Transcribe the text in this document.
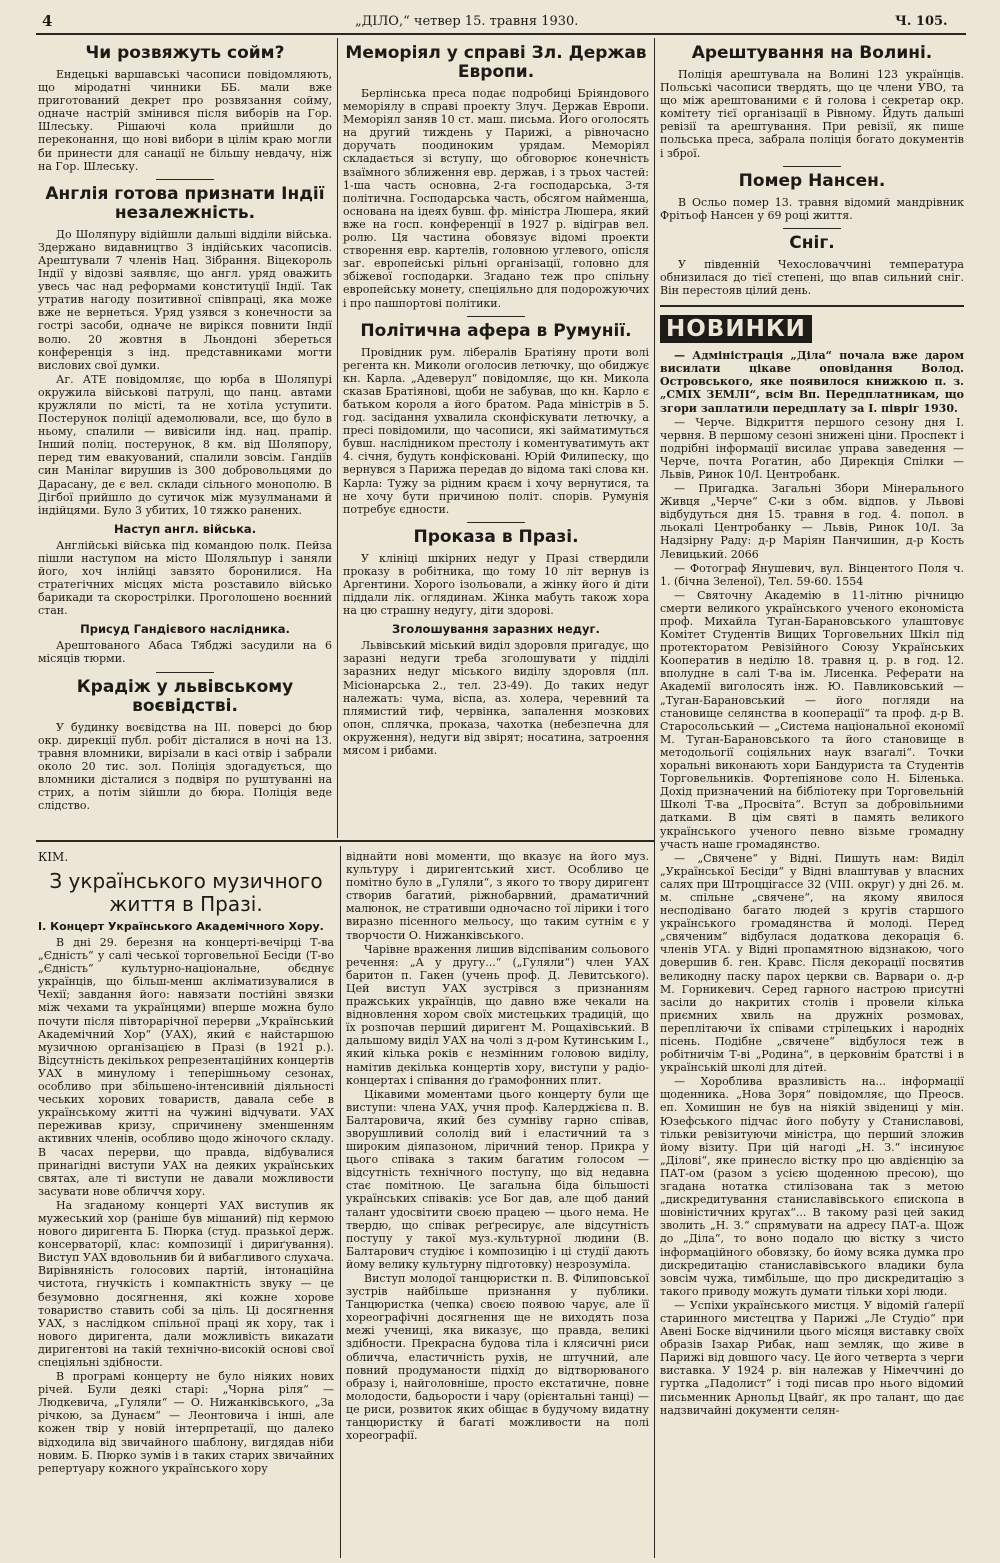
4	„ДІЛО,“ четвер 15. травня 1930.	Ч. 105.
Чи розвяжуть сойм?

Ендецькі варшавські часописи повідомляють, що міродатні чинники ББ. мали вже приготований декрет про розвязання сойму, одначе настрій змінився після виборів на Гор. Шлеську. Рішаючі кола прийшли до переконання, що нові вибори в цілім краю могли би принести для санації не більшу невдачу, ніж на Гор. Шлеську.

Англія готова признати Індії незалежність.

До Шоляпуру відійшли дальші відділи війська. Здержано видавництво 3 індійських часописів. Арештували 7 членів Нац. Зібрання. Віцекороль Індії у відозві заявляє, що англ. уряд оважить увесь час над реформами конституції Індії. Так утратив нагоду позитивної співпраці, яка може вже не вернеться. Уряд узявся з конечности за гострі засоби, одначе не вирікся повнити Індії волю. 20 жовтня в Льондоні збереться конференція з інд. представниками могти вислових свої думки.

Аг. АТЕ повідомляє, що юрба в Шоляпурі окружила військові патрулі, що панц. автами кружляли по місті, та не хотіла уступити. Постерунок поліції адемолювали, все, що було в ньому, спалили — вивісили інд. нац. прапір. Інший поліц. постерунок, 8 км. від Шоляпору, перед тим евакуований, спалили зовсім. Гандіїв син Манілаг вирушив із 300 добровольцями до Дарасану, де є вел. склади сільного монополю. В Дігбої прийшло до сутичок між музулманами й індійцями. Було 3 убитих, 10 тяжко ранених.

Наступ англ. війська.

Англійські війська під командою полк. Пейза пішли наступом на місто Шоляльпур і заняли його, хоч інлійці завзято боронилися. На стратегічних місцях міста розставило військо барикади та скорострілки. Проголошено воєнний стан.

Присуд Гандієвого наслідника.

Арештованого Абаса Тябджі засудили на 6 місяців тюрми.

Крадіж у львівському воєвідстві.

У будинку воєвідства на ІІІ. поверсі до бюр окр. дирекції публ. робіт дісталися в ночі на 13. травня вломники, вирізали в касі отвір і забрали около 20 тис. зол. Поліція здогадується, що вломники дісталися з подвіря по руштуванні на стрих, а потім зійшли до бюра. Поліція веде слідство.

Меморіял у справі Зл. Держав Европи.

Берлінська преса подає подробиці Бріяндового меморіялу в справі проекту Злуч. Держав Европи. Меморіял заняв 10 ст. маш. письма. Його оголосять на другий тиждень у Парижі, а рівночасно доручать поодиноким урядам. Меморіял складається зі вступу, що обговорює конечність взаїмного зближення евр. держав, і з трьох частей: 1-ша часть основна, 2-га господарська, 3-тя політична. Господарська часть, обсягом найменша, основана на ідеях бувш. фр. міністра Люшера, який вже на госп. конференції в 1927 р. відіграв вел. ролю. Ця частина обовязує відомі проекти створення евр. картелів, головною углевого, опісля заг. европейські рільні організації, головно для збіжевої господарки. Згадано теж про спільну европейську монету, спеціяльно для подорожуючих і про пашпортові політики.

Політична афера в Румунії.

Провідник рум. лібералів Братіяну проти волі регента кн. Миколи оголосив летючку, що обиджує кн. Карла. „Адеверул“ повідомляє, що кн. Микола сказав Братіянові, щоби не забував, що кн. Карло є батьком короля а його братом. Рада міністрів в 5. год. засідання ухвалила сконфіскувати летючку, а пресі повідомили, що часописи, які займатимуться бувш. наслідником престолу і коментуватимуть акт 4. січня, будуть конфісковані. Юрій Филипеску, що вернувся з Парижа передав до відома такі слова кн. Карла: Тужу за рідним краєм і хочу вернутися, та не хочу бути причиною політ. спорів. Румунія потребує єдности.

Проказа в Празі.

У клініці шкірних недуг у Празі ствердили проказу в робітника, що тому 10 літ вернув із Аргентини. Хорого ізольовали, а жінку його й діти піддали лік. оглядинам. Жінка мабуть також хора на цю страшну недугу, діти здорові.

Зголошування заразних недуг.

Львівський міський виділ здоровля пригадує, що заразні недуги треба зголошувати у підділі заразних недуг міського виділу здоровля (пл. Місіонарська 2., тел. 23-49). До таких недуг належать: чума, віспа, аз. холера, черевний та плямистий тиф, червінка, запалення мозкових опон, сплячка, проказа, чахотка (небезпечна для окруження), недуги від звірят; носатина, затроення мясом і рибами.

Арештування на Волині.

Поліція арештувала на Волині 123 українців. Польські часописи твердять, що це члени УВО, та що між арештованими є й голова і секретар окр. комітету тієї організації в Рівному. Йдуть дальші ревізії та арештування. При ревізії, як пише польська преса, забрала поліція богато документів і зброї.

Помер Нансен.

В Осльо помер 13. травня відомий мандрівник Фрітьоф Нансен у 69 році життя.

Сніг.

У південній Чехословаччині температура обнизилася до тієї степені, що впав сильний сніг. Він перестояв цілий день.

НОВИНКИ

— Адміністрація „Діла“ почала вже даром висилати цікаве оповідання Волод. Островського, яке появилося книжкою п. з. „СМІХ ЗЕМЛІ“, всім Вп. Передплатникам, що згори заплатили передплату за І. півріг 1930.

— Черче. Відкриття першого сезону дня І. червня. В першому сезоні знижені ціни. Проспект і подрібні інформації висилає управа заведення — Черче, почта Рогатин, або Дирекція Спілки — Львів, Ринок 10/І. Центробанк.

— Пригадка. Загальні Збори Мінерального Живця „Черче“ С-ки з обм. відпов. у Львові відбудуться дня 15. травня в год. 4. попол. в льокалі Центробанку — Львів, Ринок 10/І. За Надзірну Раду: д-р Маріян Панчишин, д-р Кость Левицький. 2066

— Фотограф Янушевич, вул. Вінцентого Поля ч. 1. (бічна Зеленої), Тел. 59-60. 1554

— Святочну Академію в 11-літню річницю смерти великого українського ученого економіста проф. Михайла Туган-Барановського улаштовує Комітет Студентів Вищих Торговельних Шкіл під протекторатом Ревізійного Союзу Українських Кооператив в неділю 18. травня ц. р. в год. 12. вполудне в салі Т-ва ім. Лисенка. Реферати на Академії виголосять інж. Ю. Павликовський — „Туган-Барановський — його погляди на становище селянства в кооперації“ та проф. д-р В. Старосольський — „Система національної економії М. Туган-Барановського та його становище в методольогії соціяльних наук взагалі“. Точки хоральні виконають хори Бандуриста та Студентів Торговельників. Фортепіянове соло Н. Біленька. Дохід призначений на бібліотеку при Торговельній Школі Т-ва „Просвіта“. Вступ за добровільними датками. В цім святі в память великого українського ученого певно візьме громадну участь наше громадянство.

— „Свячене“ у Відні. Пишуть нам: Виділ „Української Бесіди“ у Відні влаштував у власних салях при Штроццігассе 32 (VIII. округ) у дні 26. м. м. спільне „свячене“, на якому явилося несподівано багато людей з кругів старшого українського громадянства й молоді. Перед „свяченим“ відбулася додаткова декорація 6. членів УГА. у Відні пропамятною відзнакою, чого довершив б. ген. Кравс. Після декорації посвятив великодну паску парох церкви св. Варвари о. д-р М. Горникевич. Серед гарного настрою присутні засіли до накритих столів і провели кілька приємних хвиль на дружніх розмовах, переплітаючи їх співами стрілецьких і народніх пісень. Подібне „свячене“ відбулося теж в робітничім Т-ві „Родина“, в церковнім братстві і в українській школі для дітей.

— Хороблива вразливість на... інформації щоденника. „Нова Зоря“ повідомляє, що Преосв. еп. Хомишин не був на ніякій звідениці у мін. Юзефського підчас його побуту у Станиславові, тільки ревізитуючи міністра, що перший зложив йому візиту. При цій нагоді „Н. З.“ інсинуює „Ділові“, яке принесло вістку про цю авдієнцію за ПАТ-ом (разом з усією щоденною пресою), що згадана нотатка стилізована так з метою „дискредитування станиславівського єпископа в шовіністичних кругах“... В такому разі цей закид зволить „Н. З.“ спрямувати на адресу ПАТ-а. Щож до „Діла“, то воно подало цю вістку з чисто інформаційного обовязку, бо йому всяка думка про дискредитацію станиславівського владики була зовсім чужа, тимбільше, що про дискредитацію з такого приводу можуть думати тільки хорі люди.

— Успіхи українського мистця. У відомій ґалерії старинного мистецтва у Парижі „Ле Студіо“ при Авені Боске відчинили цього місяця виставку своїх образів Ізахар Рибак, наш земляк, що живе в Парижі від довшого часу. Це його четверта з черги виставка. У 1924 р. він належав у Німеччині до гуртка „Падолист“ і тоді писав про нього відомий письменник Арнольд Цвайґ, як про талант, що дає надзвичайні документи селян-

КІМ.
З українського музичного життя в Празі.
І. Концерт Українського Академічного Хору.

В дні 29. березня на концерті-вечірці Т-ва „Єдність“ у салі чеської торговельної Бесіди (Т-во „Єдність“ культурно-національне, обєднує українців, що більш-менш акліматизувалися в Чехії; завдання його: навязати постійні звязки між чехами та українцями) вперше можна було почути після півторарічної перерви „Український Академічний Хор“ (УАХ), який є найстаршою музичною організацією в Празі (в 1921 р.). Відсутність декількох репрезентаційних концертів УАХ в минулому і теперішньому сезонах, особливо при збільшено-інтенсивній діяльності чеських хорових товариств, давала себе в українському житті на чужині відчувати. УАХ переживав кризу, спричинену зменшенням активних членів, особливо щодо жіночого складу. В часах перерви, що правда, відбувалися принагідні виступи УАХ на деяких українських святах, але ті виступи не давали можливости засувати нове обличчя хору.

На згаданому концерті УАХ виступив як мужеський хор (раніше був мішаний) під кермою нового диригента Б. Пюрка (студ. празької держ. консерваторії, клас: композиції і дириґування). Виступ УАХ вдовольнив би й вибагливого слухача. Вирівняність голосових партій, інтонаційна чистота, гнучкість і компактність звуку — це безумовно досягнення, які кожне хорове товариство ставить собі за ціль. Ці досягнення УАХ, з наслідком спільної праці як хору, так і нового диригента, дали можливість викazати диригентові на такій технічно-високій основі свої спеціяльні здібности.

В програмі концерту не було ніяких нових річей. Були деякі старі: „Чорна ріля“ — Людкевича, „Гуляли“ — О. Нижанківського, „За річкою, за Дунаєм“ — Леонтовича і інші, але кожен твір у новій інтерпретації, що далеко відходила від звичайного шаблону, вигдядав ніби новим. Б. Пюрко зумів і в таких старих звичайних репертуару кожного українського хору

віднайти нові моменти, що вказує на його муз. культуру і диригентський хист. Особливо це помітно було в „Гуляли“, з якого то твору диригент створив багатий, ріжнобарвний, драматичний малюнок, не стративши одночасно тої лірики і того виразно пісенного мельосу, що таким сутнім є у творчости О. Нижанківського.

Чарівне враження лишив відспіваним сольового речення: „А у другу...“ („Гуляли“) член УАХ баритон п. Гакен (учень проф. Д. Левитського). Цей виступ УАХ зустрівся з признанням пражських українців, що давно вже чекали на відновлення хором своїх мистецьких традицій, що їх розпочав перший диригент М. Рощахівський. В дальшому виділ УАХ на чолі з д-ром Кутинським І., який кілька років є незмінним головою виділу, намітив декілька концертів хору, виступи у радіо-концертах і співання до ґрамофонних плит.

Цікавими моментами цього концерту були ще виступи: члена УАХ, учня проф. Калерджієва п. В. Балтаровича, який без сумніву гарно співав, зворушливий сололід вий і еластичний та з широким діяпазоном, ліричний тенор. Прикра у цього співака з таким багатим голосом — відсутність технічного поступу, що від недавна стає помітною. Це загальна біда більшості українських співаків: усе Бог дав, але щоб даний талант удосвітити своєю працею — цього нема. Не твердю, що співак реґресирує, але відсутність поступу у такої муз.-культурної людини (В. Балтарович студіює і композицію і ці студії дають йому велику культурну підготовку) незрозуміла.

Виступ молодої танцюристки п. В. Філиповської зустрів найбільше признання у публики. Танцюристка (чепка) своєю появою чарує, але її хореографічні досягнення ще не виходять поза межі учениці, яка виказує, що правда, великі здібности. Прекрасна будова тіла і клясичні риси обличча, еластичність рухів, не штучний, але повний продуманости підхід до відтворюваного образу і, найголовніше, просто екстатичне, повне молодости, бадьорости і чару (орієнтальні танці) — це риси, розвиток яких обіщає в будучому видатну танцюристку й багаті можливости на полі хореографії.
